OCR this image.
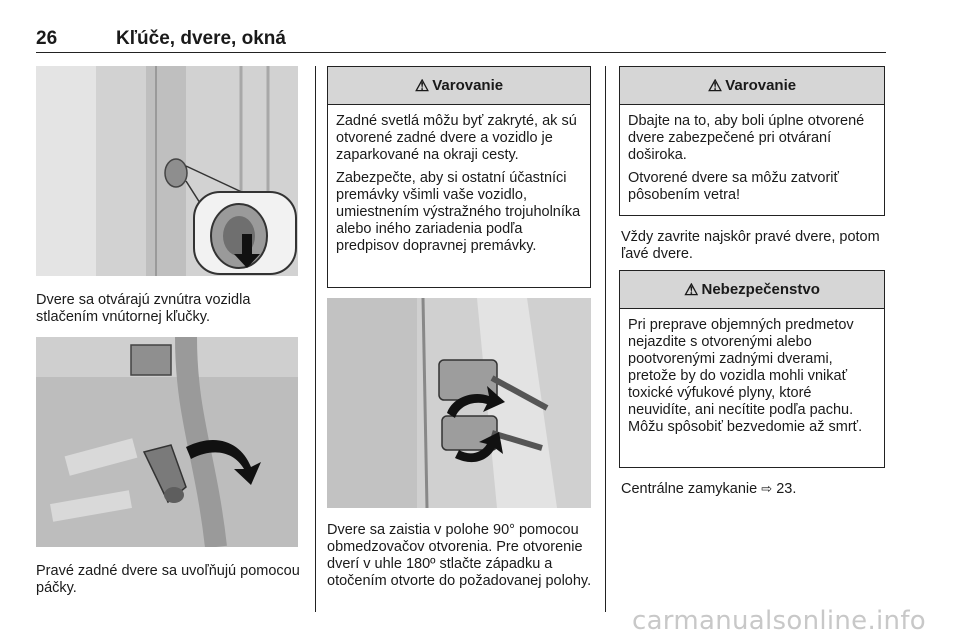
26	Kľúče, dvere, okná

Dvere sa otvárajú zvnútra vozidla stlačením vnútornej kľučky.

Pravé zadné dvere sa uvoľňujú pomocou páčky.

⚠ Varovanie

Zadné svetlá môžu byť zakryté, ak sú otvorené zadné dvere a vozidlo je zaparkované na okraji cesty.

Zabezpečte, aby si ostatní účastníci premávky všimli vaše vozidlo, umiestnením výstražného trojuholníka alebo iného zariadenia podľa predpisov dopravnej premávky.

Dvere sa zaistia v polohe 90° pomocou obmedzovačov otvorenia. Pre otvorenie dverí v uhle 180º stlačte západku a otočením otvorte do požadovanej polohy.

⚠ Varovanie

Dbajte na to, aby boli úplne otvorené dvere zabezpečené pri otváraní doširoka.

Otvorené dvere sa môžu zatvoriť pôsobením vetra!

Vždy zavrite najskôr pravé dvere, potom ľavé dvere.

⚠ Nebezpečenstvo

Pri preprave objemných predmetov nejazdite s otvorenými alebo pootvorenými zadnými dverami, pretože by do vozidla mohli vnikať toxické výfukové plyny, ktoré neuvidíte, ani necítite podľa pachu. Môžu spôsobiť bezvedomie až smrť.

Centrálne zamykanie ⇨ 23.

carmanualsonline.info
